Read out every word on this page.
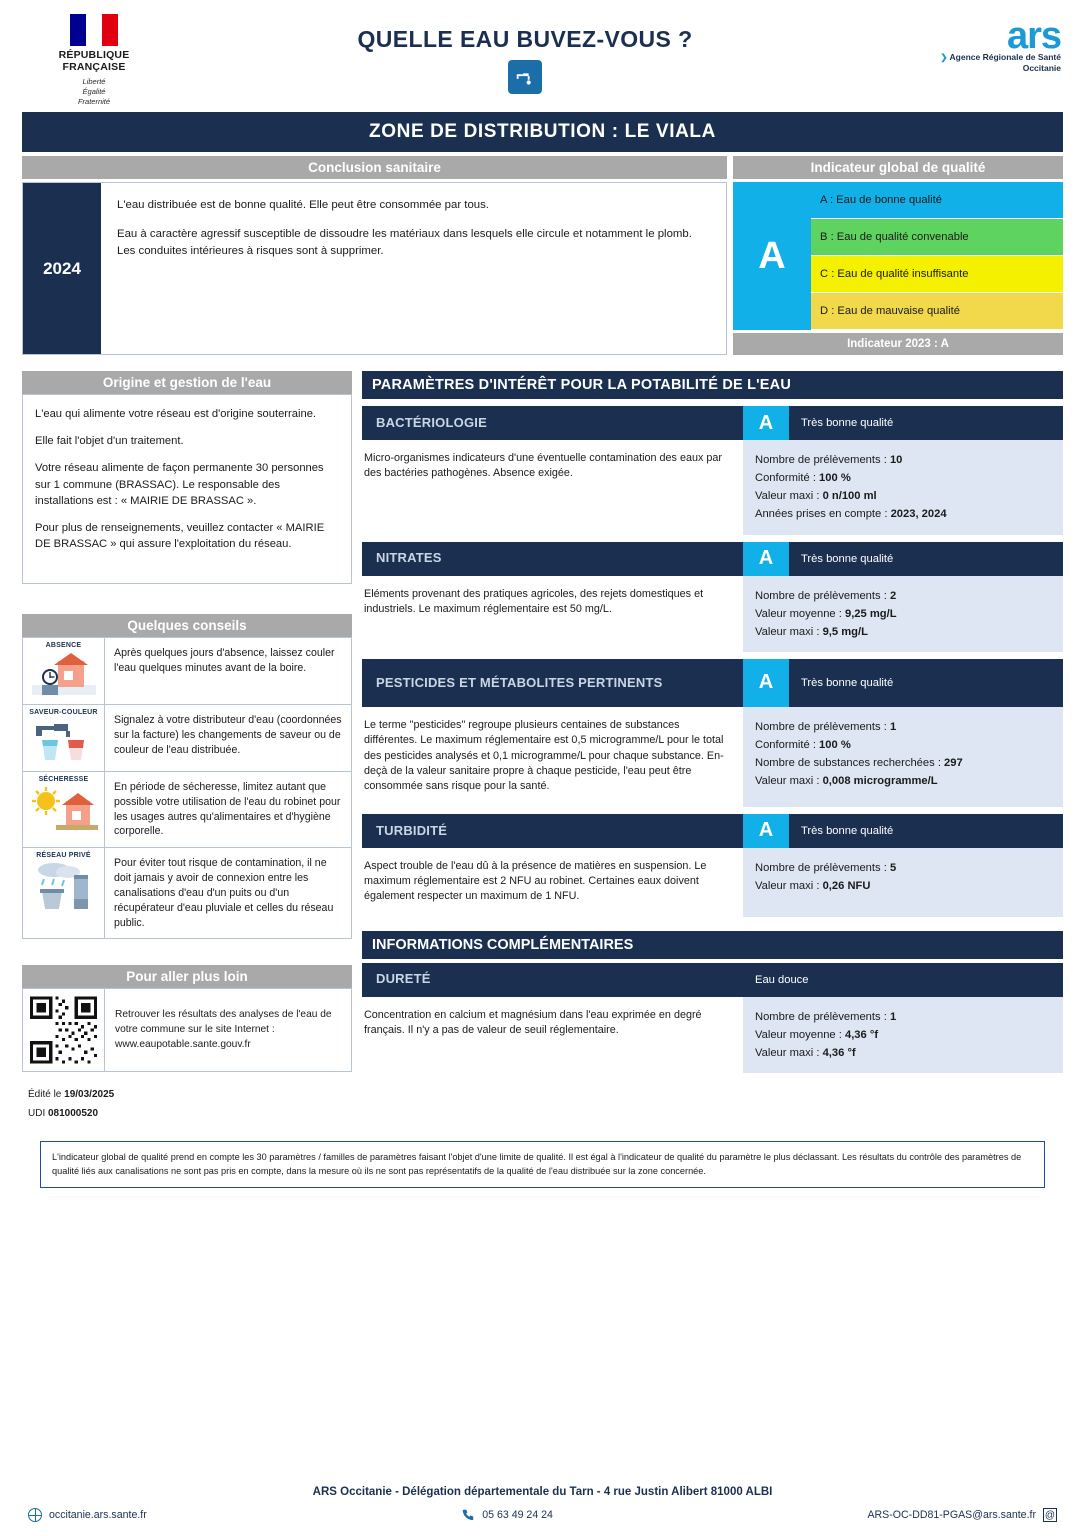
RÉPUBLIQUE
FRANÇAISE
Liberté
Égalité
Fraternité
QUELLE EAU BUVEZ-VOUS ?	ars
❯ Agence Régionale de Santé
Occitanie
ZONE DE DISTRIBUTION : LE VIALA
Conclusion sanitaire	Indicateur global de qualité
2024

L'eau distribuée est de bonne qualité. Elle peut être consommée par tous.

Eau à caractère agressif susceptible de dissoudre les matériaux dans lesquels elle circule et notamment le plomb. Les conduites intérieures à risques sont à supprimer.	A
A : Eau de bonne qualité
B : Eau de qualité convenable
C : Eau de qualité insuffisante
D : Eau de mauvaise qualité
Indicateur 2023 : A
Origine et gestion de l'eau

L'eau qui alimente votre réseau est d'origine souterraine.

Elle fait l'objet d'un traitement.

Votre réseau alimente de façon permanente 30 personnes sur 1 commune (BRASSAC). Le responsable des installations est : « MAIRIE DE BRASSAC ».

Pour plus de renseignements, veuillez contacter « MAIRIE DE BRASSAC » qui assure l'exploitation du réseau.

Quelques conseils
ABSENCE
Après quelques jours d'absence, laissez couler l'eau quelques minutes avant de la boire.
SAVEUR-COULEUR
Signalez à votre distributeur d'eau (coordonnées sur la facture) les changements de saveur ou de couleur de l'eau distribuée.
SÉCHERESSE
En période de sécheresse, limitez autant que possible votre utilisation de l'eau du robinet pour les usages autres qu'alimentaires et d'hygiène corporelle.
RÉSEAU PRIVÉ
Pour éviter tout risque de contamination, il ne doit jamais y avoir de connexion entre les canalisations d'eau d'un puits ou d'un récupérateur d'eau pluviale et celles du réseau public.
Pour aller plus loin
Retrouver les résultats des analyses de l'eau de votre commune sur le site Internet : www.eaupotable.sante.gouv.fr
Édité le 19/03/2025
UDI 081000520
PARAMÈTRES D'INTÉRÊT POUR LA POTABILITÉ DE L'EAU
BACTÉRIOLOGIE	A	Très bonne qualité
Micro-organismes indicateurs d'une éventuelle contamination des eaux par des bactéries pathogènes. Absence exigée.
Nombre de prélèvements : 10
Conformité : 100 %
Valeur maxi : 0 n/100 ml
Années prises en compte : 2023, 2024
NITRATES	A	Très bonne qualité
Eléments provenant des pratiques agricoles, des rejets domestiques et industriels. Le maximum réglementaire est 50 mg/L.
Nombre de prélèvements : 2
Valeur moyenne : 9,25 mg/L
Valeur maxi : 9,5 mg/L
PESTICIDES ET MÉTABOLITES PERTINENTS	A	Très bonne qualité
Le terme "pesticides" regroupe plusieurs centaines de substances différentes. Le maximum réglementaire est 0,5 microgramme/L pour le total des pesticides analysés et 0,1 microgramme/L pour chaque substance. En-deçà de la valeur sanitaire propre à chaque pesticide, l'eau peut être consommée sans risque pour la santé.
Nombre de prélèvements : 1
Conformité : 100 %
Nombre de substances recherchées : 297
Valeur maxi : 0,008 microgramme/L
TURBIDITÉ	A	Très bonne qualité
Aspect trouble de l'eau dû à la présence de matières en suspension. Le maximum réglementaire est 2 NFU au robinet. Certaines eaux doivent également respecter un maximum de 1 NFU.
Nombre de prélèvements : 5
Valeur maxi : 0,26 NFU
INFORMATIONS COMPLÉMENTAIRES
DURETÉ	Eau douce
Concentration en calcium et magnésium dans l'eau exprimée en degré français. Il n'y a pas de valeur de seuil réglementaire.
Nombre de prélèvements : 1
Valeur moyenne : 4,36 °f
Valeur maxi : 4,36 °f
L'indicateur global de qualité prend en compte les 30 paramètres / familles de paramètres faisant l'objet d'une limite de qualité. Il est égal à l'indicateur de qualité du paramètre le plus déclassant. Les résultats du contrôle des paramètres de qualité liés aux canalisations ne sont pas pris en compte, dans la mesure où ils ne sont pas représentatifs de la qualité de l'eau distribuée sur la zone concernée.
ARS Occitanie - Délégation départementale du Tarn - 4 rue Justin Alibert 81000 ALBI
occitanie.ars.sante.fr	05 63 49 24 24	ARS-OC-DD81-PGAS@ars.sante.fr @
